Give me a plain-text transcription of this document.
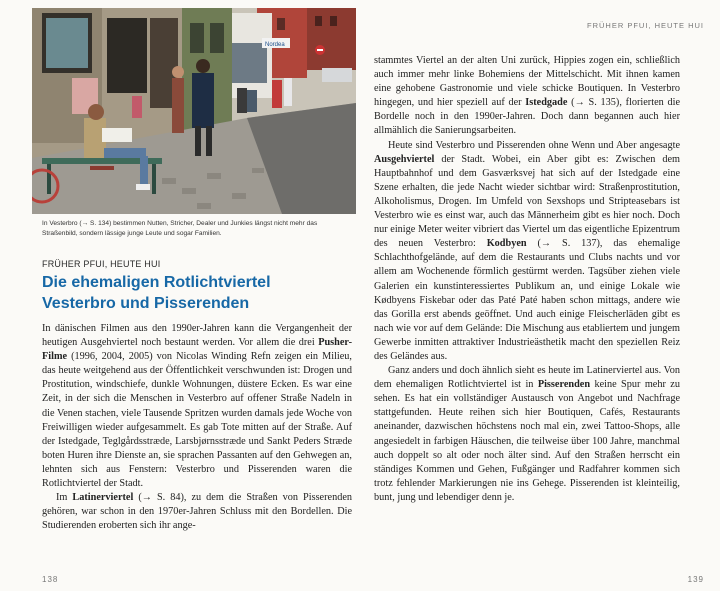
Nordea
In Vesterbro (→ S. 134) bestimmen Nutten, Stricher, Dealer und Junkies längst nicht mehr das Straßenbild, sondern lässige junge Leute und sogar Familien.
FRÜHER PFUI, HEUTE HUI
Die ehemaligen Rotlichtviertel
Vesterbro und Pisserenden

In dänischen Filmen aus den 1990er-Jahren kann die Vergangenheit der heutigen Ausgehviertel noch bestaunt werden. Vor allem die drei Pusher-Filme (1996, 2004, 2005) von Nicolas Winding Refn zeigen ein Milieu, das heute weitgehend aus der Öffentlichkeit verschwunden ist: Drogen und Prostitution, windschiefe, dunkle Wohnungen, düstere Ecken. Es war eine Zeit, in der sich die Menschen in Vesterbro auf offener Straße Nadeln in die Venen stachen, viele Tausende Spritzen wurden damals jede Woche von Freiwilligen wieder aufgesammelt. Es gab Tote mitten auf der Straße. Auf der Istedgade, Teglgårdsstræde, Larsbjørnsstræde und Sankt Peders Stræde boten Huren ihre Dienste an, sie sprachen Passanten auf den Gehwegen an, lehnten sich aus Fenstern: Vesterbro und Pisserenden waren die Rotlichtviertel der Stadt.

Im Latinerviertel (→ S. 84), zu dem die Straßen von Pisserenden gehören, war schon in den 1970er-Jahren Schluss mit den Bordellen. Die Studierenden eroberten sich ihr ange-

138
FRÜHER PFUI, HEUTE HUI

stammtes Viertel an der alten Uni zurück, Hippies zogen ein, schließlich auch immer mehr linke Bohemiens der Mittelschicht. Mit ihnen kamen eine gehobene Gastronomie und viele schicke Boutiquen. In Vesterbro hingegen, und hier speziell auf der Istedgade (→ S. 135), florierten die Bordelle noch in den 1990er-Jahren. Doch dann begannen auch hier allmählich die Sanierungsarbeiten.

Heute sind Vesterbro und Pisserenden ohne Wenn und Aber angesagte Ausgehviertel der Stadt. Wobei, ein Aber gibt es: Zwischen dem Hauptbahnhof und dem Gasværksvej hat sich auf der Istedgade eine Szene erhalten, die jede Nacht wieder sichtbar wird: Straßenprostitution, Alkoholismus, Drogen. Im Umfeld von Sexshops und Stripteasebars ist Vesterbro wie es einst war, auch das Männerheim gibt es hier noch. Doch nur einige Meter weiter vibriert das Viertel um das eigentliche Epizentrum des neuen Vesterbro: Kodbyen (→ S. 137), das ehemalige Schlachthofgelände, auf dem die Restaurants und Clubs nachts und vor allem am Wochenende förmlich gestürmt werden. Tagsüber ziehen viele Galerien ein kunstinteressiertes Publikum an, und einige Lokale wie Kødbyens Fiskebar oder das Paté Paté haben schon mittags, andere wie das Gorilla erst abends geöffnet. Und auch einige Fleischerläden gibt es nach wie vor auf dem Gelände: Die Mischung aus etabliertem und jungem Gewerbe inmitten attraktiver Industrieästhetik macht den speziellen Reiz des Geländes aus.

Ganz anders und doch ähnlich sieht es heute im Latinerviertel aus. Von dem ehemaligen Rotlichtviertel ist in Pisserenden keine Spur mehr zu sehen. Es hat ein vollständiger Austausch von Angebot und Nachfrage stattgefunden. Heute reihen sich hier Boutiquen, Cafés, Restaurants aneinander, dazwischen höchstens noch mal ein, zwei Tattoo-Shops, alle angesiedelt in farbigen Häuschen, die teilweise über 100 Jahre, manchmal auch doppelt so alt oder noch älter sind. Auf den Straßen herrscht ein ständiges Kommen und Gehen, Fußgänger und Radfahrer kommen sich trotz fehlender Markierungen nie ins Gehege. Pisserenden ist kleinteilig, bunt, jung und lebendiger denn je.

139
